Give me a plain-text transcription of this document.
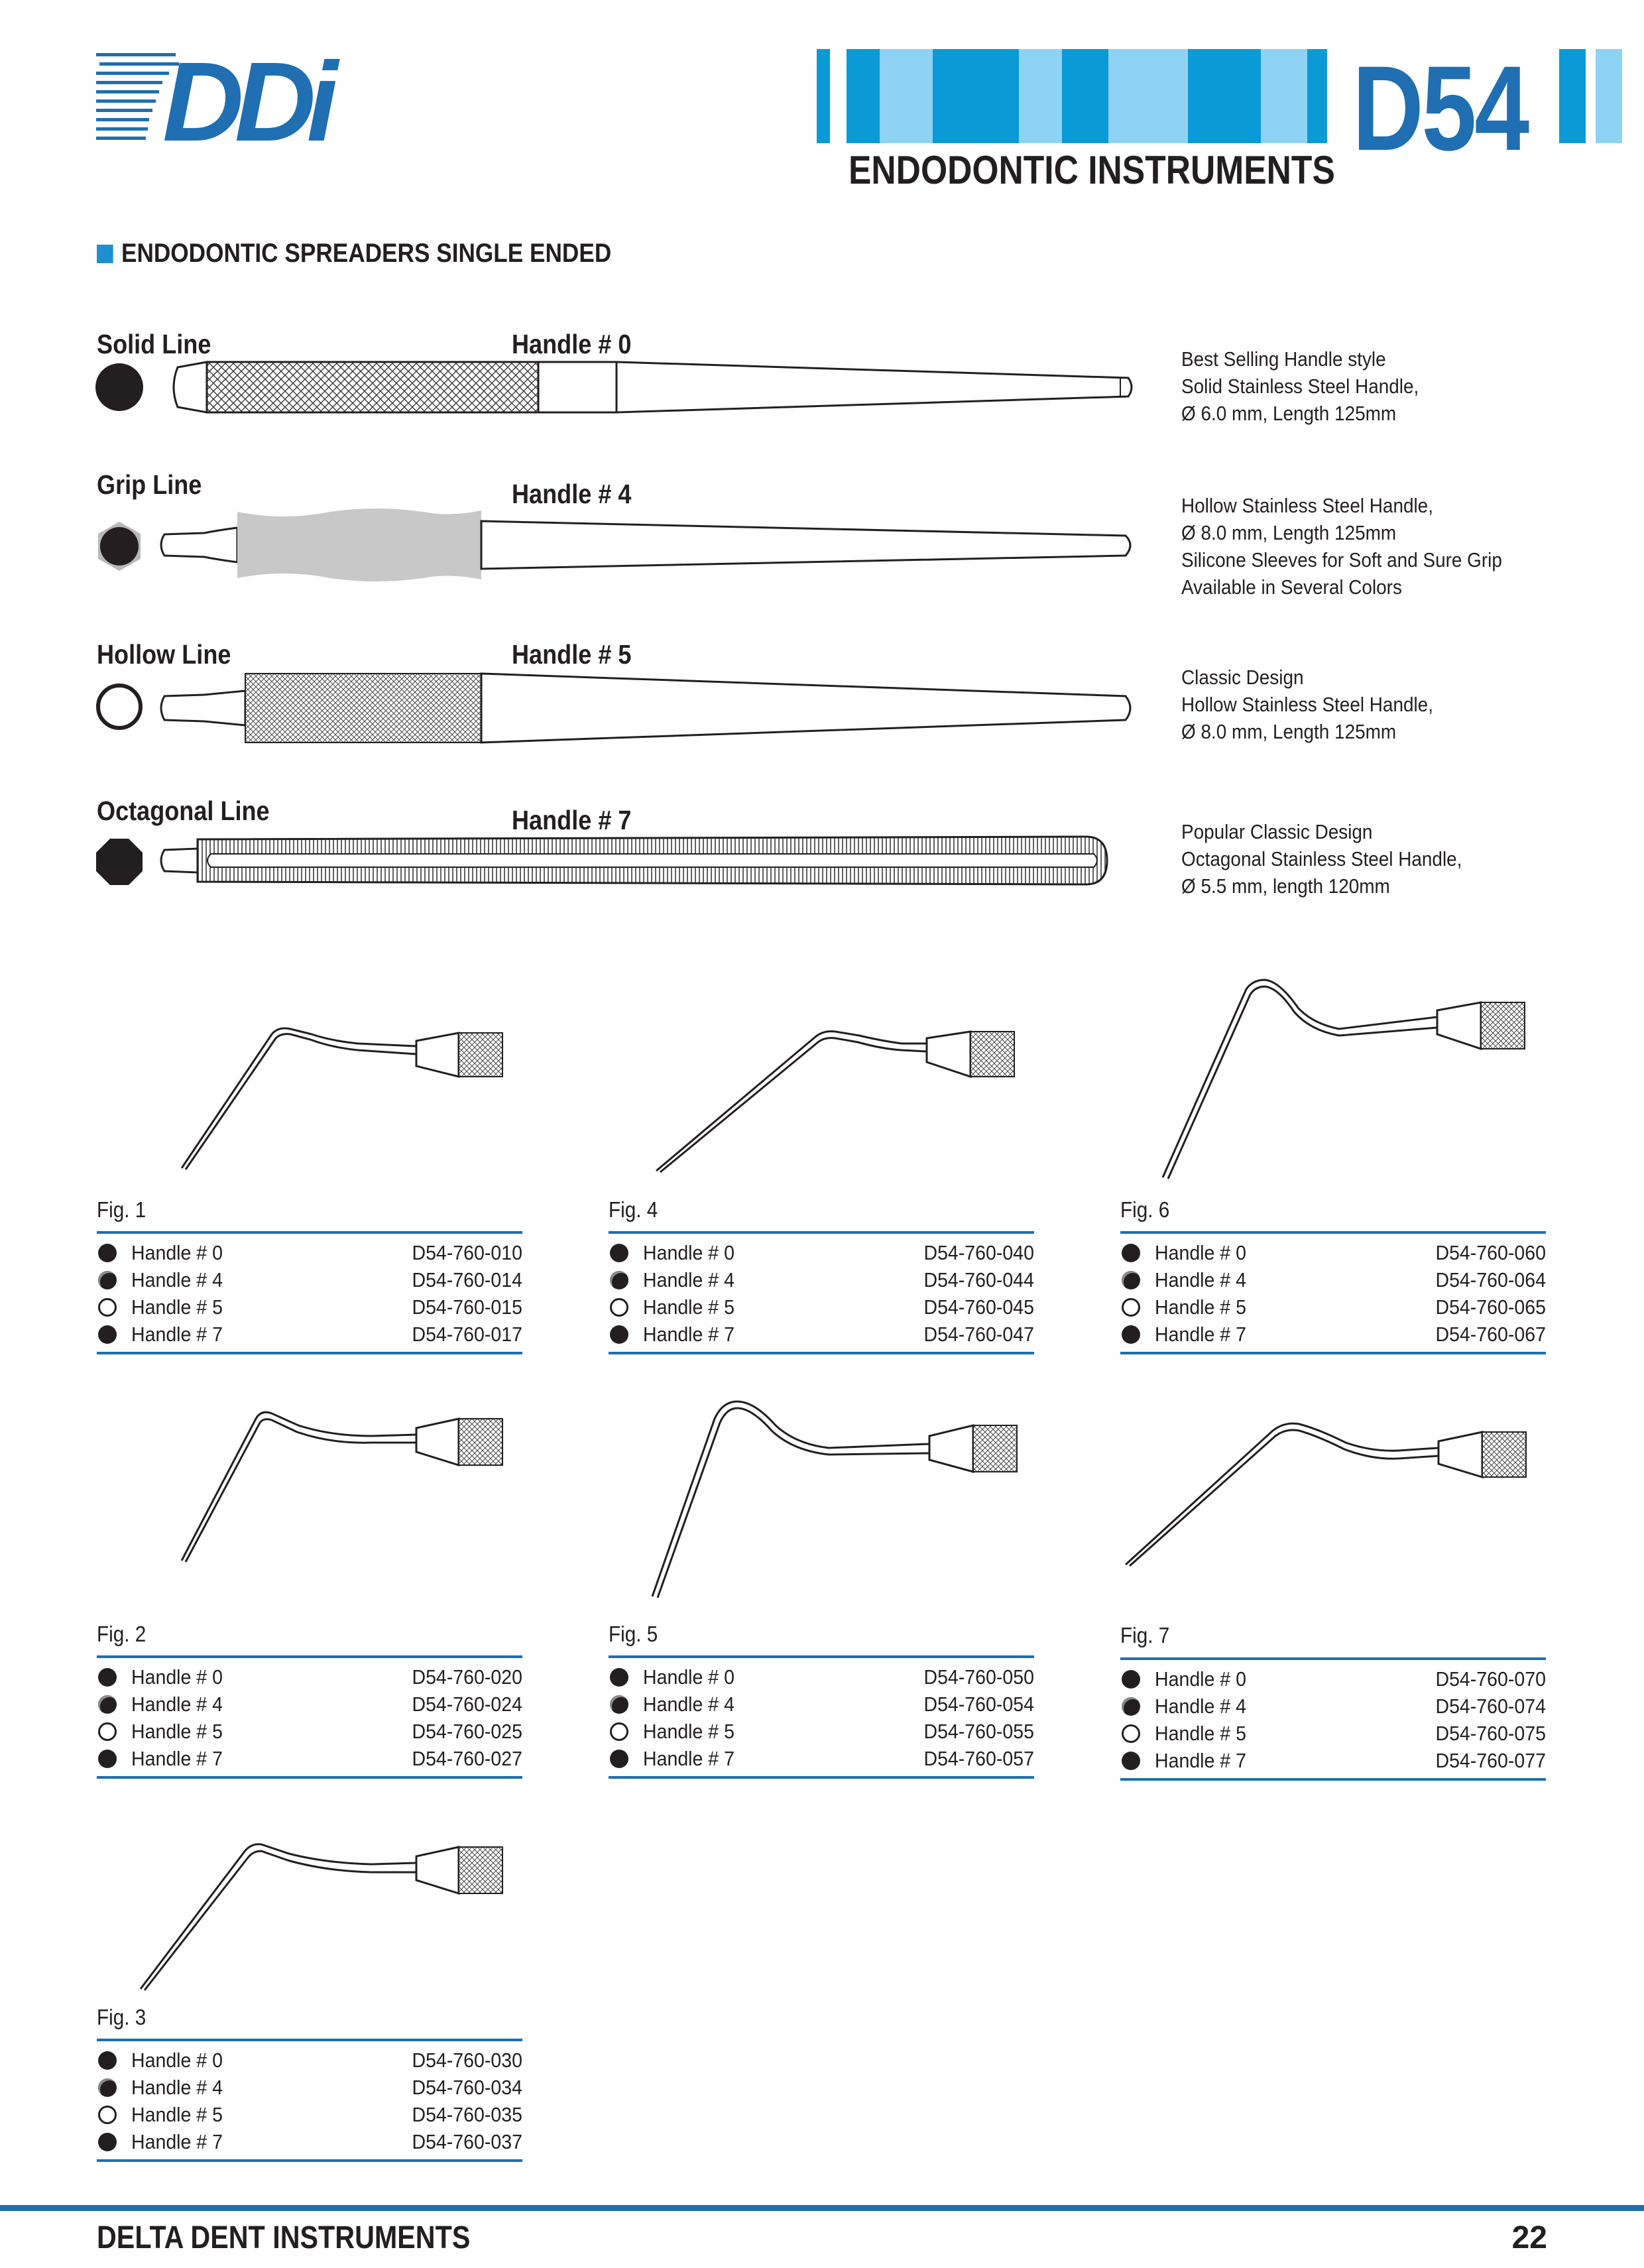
DDi	D54
ENDODONTIC INSTRUMENTS
ENDODONTIC SPREADERS SINGLE ENDED
Solid Line	Handle # 0
Grip Line	Handle # 4
Hollow Line	Handle # 5
Octagonal Line	Handle # 7
Best Selling Handle style
Solid Stainless Steel Handle,
Ø 6.0 mm, Length 125mm
Hollow Stainless Steel Handle,
Ø 8.0 mm, Length 125mm
Silicone Sleeves for Soft and Sure Grip
Available in Several Colors
Classic Design
Hollow Stainless Steel Handle,
Ø 8.0 mm, Length 125mm
Popular Classic Design
Octagonal Stainless Steel Handle,
Ø 5.5 mm, length 120mm
Fig. 1
Handle # 0	D54-760-010
Handle # 4	D54-760-014
Handle # 5	D54-760-015
Handle # 7	D54-760-017
Fig. 4
Handle # 0	D54-760-040
Handle # 4	D54-760-044
Handle # 5	D54-760-045
Handle # 7	D54-760-047
Fig. 6
Handle # 0	D54-760-060
Handle # 4	D54-760-064
Handle # 5	D54-760-065
Handle # 7	D54-760-067
Fig. 2
Handle # 0	D54-760-020
Handle # 4	D54-760-024
Handle # 5	D54-760-025
Handle # 7	D54-760-027
Fig. 5
Handle # 0	D54-760-050
Handle # 4	D54-760-054
Handle # 5	D54-760-055
Handle # 7	D54-760-057
Fig. 7
Handle # 0	D54-760-070
Handle # 4	D54-760-074
Handle # 5	D54-760-075
Handle # 7	D54-760-077
Fig. 3
Handle # 0	D54-760-030
Handle # 4	D54-760-034
Handle # 5	D54-760-035
Handle # 7	D54-760-037
DELTA DENT INSTRUMENTS	22
